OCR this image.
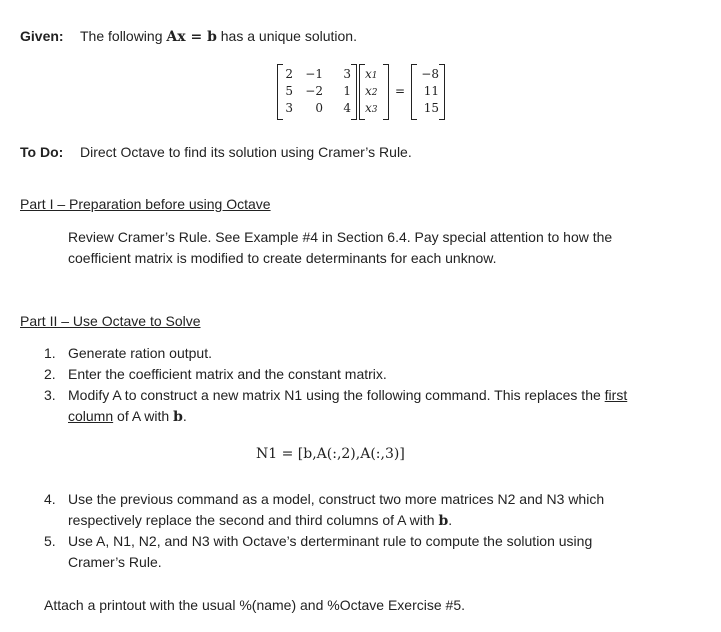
Given: The following Ax = b has a unique solution.
2	−1	3
5	−2	1
3	0	4
x1
x2
x3
=
−8
11
15
To Do: Direct Octave to find its solution using Cramer’s Rule.
Part I – Preparation before using Octave
Review Cramer’s Rule. See Example #4 in Section 6.4. Pay special attention to how the coefficient matrix is modified to create determinants for each unknow.
Part II – Use Octave to Solve
1. Generate ration output.
2. Enter the coefficient matrix and the constant matrix.
3. Modify A to construct a new matrix N1 using the following command. This replaces the first column of A with b.
N1 = [b,A(:,2),A(:,3)]
4. Use the previous command as a model, construct two more matrices N2 and N3 which respectively replace the second and third columns of A with b.
5. Use A, N1, N2, and N3 with Octave’s derterminant rule to compute the solution using Cramer’s Rule.
Attach a printout with the usual %(name) and %Octave Exercise #5.
